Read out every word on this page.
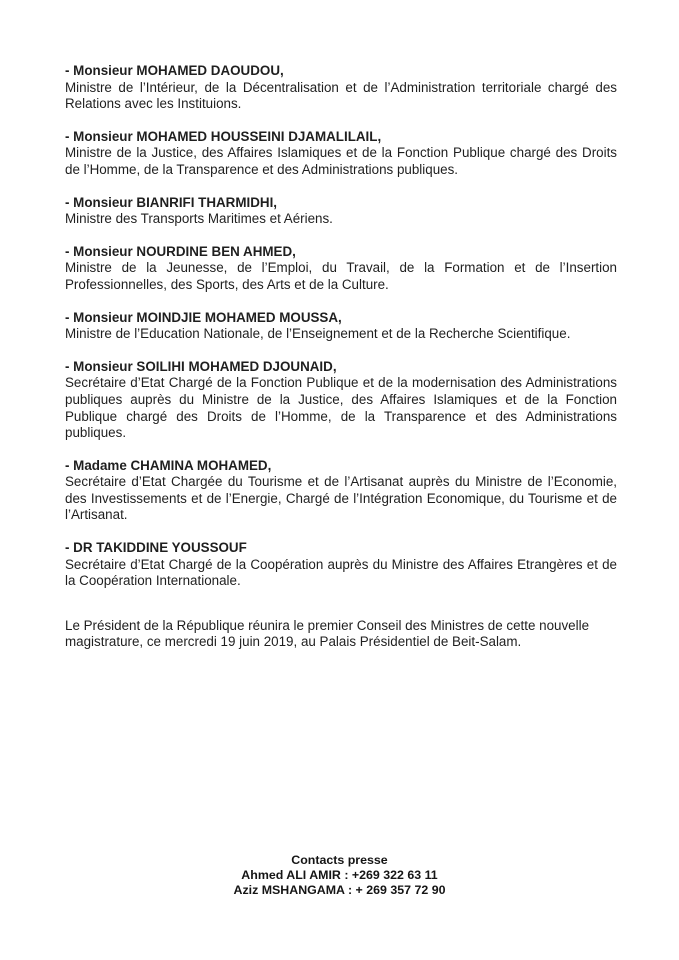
- Monsieur MOHAMED DAOUDOU,
Ministre de l’Intérieur, de la Décentralisation et de l’Administration territoriale chargé des Relations avec les Instituions.
- Monsieur MOHAMED HOUSSEINI DJAMALILAIL,
Ministre de la Justice, des Affaires Islamiques et de la Fonction Publique chargé des Droits de l’Homme, de la Transparence et des Administrations publiques.
- Monsieur BIANRIFI THARMIDHI,
Ministre des Transports Maritimes et Aériens.
- Monsieur NOURDINE BEN AHMED,
Ministre de la Jeunesse, de l’Emploi, du Travail, de la Formation et de l’Insertion Professionnelles, des Sports, des Arts et de la Culture.
- Monsieur MOINDJIE MOHAMED MOUSSA,
Ministre de l’Education Nationale, de l’Enseignement et de la Recherche Scientifique.
- Monsieur SOILIHI MOHAMED DJOUNAID,
Secrétaire d’Etat Chargé de la Fonction Publique et de la modernisation des Administrations publiques auprès du Ministre de la Justice, des Affaires Islamiques et de la Fonction Publique chargé des Droits de l’Homme, de la Transparence et des Administrations publiques.
- Madame CHAMINA MOHAMED,
Secrétaire d’Etat Chargée du Tourisme et de l’Artisanat auprès du Ministre de l’Economie, des Investissements et de l’Energie, Chargé de l’Intégration Economique, du Tourisme et de l’Artisanat.
- DR TAKIDDINE YOUSSOUF
Secrétaire d’Etat Chargé de la Coopération auprès du Ministre des Affaires Etrangères et de la Coopération Internationale.
Le Président de la République réunira le premier Conseil des Ministres de cette nouvelle magistrature, ce mercredi 19 juin 2019, au Palais Présidentiel de Beit-Salam.
Contacts presse
Ahmed ALI AMIR : +269 322 63 11
Aziz MSHANGAMA : + 269 357 72 90
